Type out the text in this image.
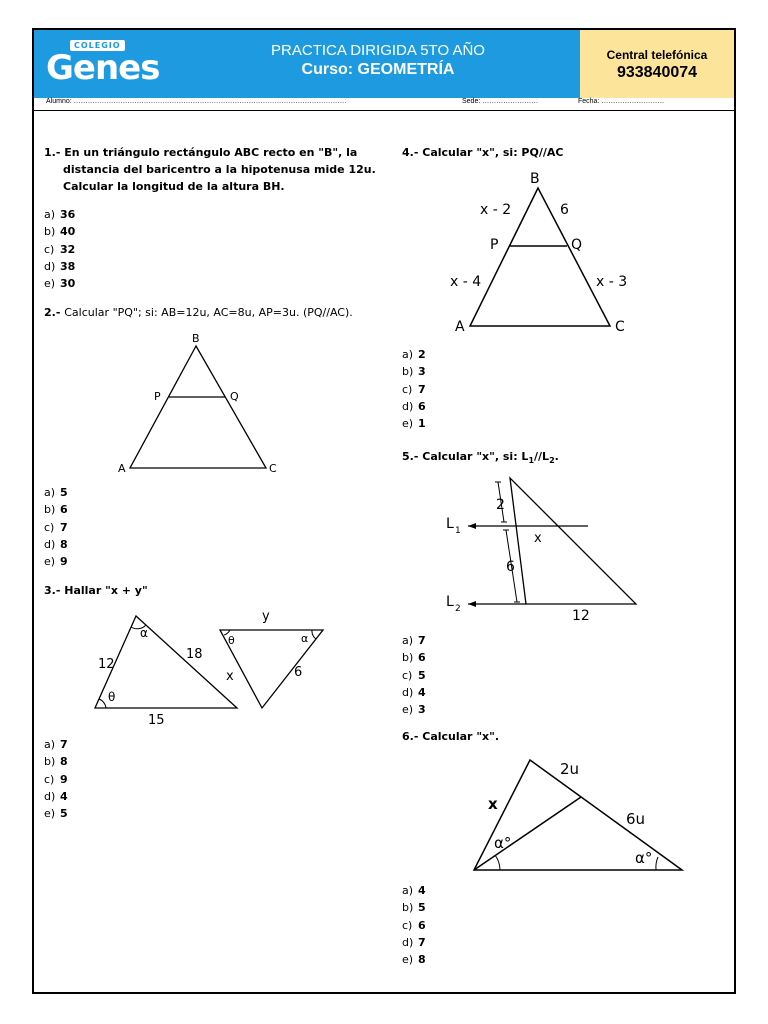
COLEGIO
Genes	PRACTICA DIRIGIDA 5TO AÑO
Curso: GEOMETRÍA
Central telefónica
933840074
Alumno: ………………………………………………………………………………………………………	Sede: ……………………	Fecha: ………………………
1.- En un triángulo rectángulo ABC recto en "B", la
distancia del baricentro a la hipotenusa mide 12u.
Calcular la longitud de la altura BH.
a) 36
b) 40
c) 32
d) 38
e) 30
2.- Calcular "PQ"; si: AB=12u, AC=8u, AP=3u. (PQ//AC).
B
P	Q
A	C
a) 5
b) 6
c) 7
d) 8
e) 9
3.- Hallar "x + y"
α
θ
12
18
15
θ	α
y
x	6
a) 7
b) 8
c) 9
d) 4
e) 5
4.- Calcular "x", si: PQ//AC
B
P	Q
A	C
x - 2	6
x - 4	x - 3
a) 2
b) 3
c) 7
d) 6
e) 1
5.- Calcular "x", si: $L_1//L_2$.
2
6
x
12
L 1
L 2
a) 7
b) 6
c) 5
d) 4
e) 3
6.- Calcular "x".
2u
6u
x
α°
α°
a) 4
b) 5
c) 6
d) 7
e) 8
